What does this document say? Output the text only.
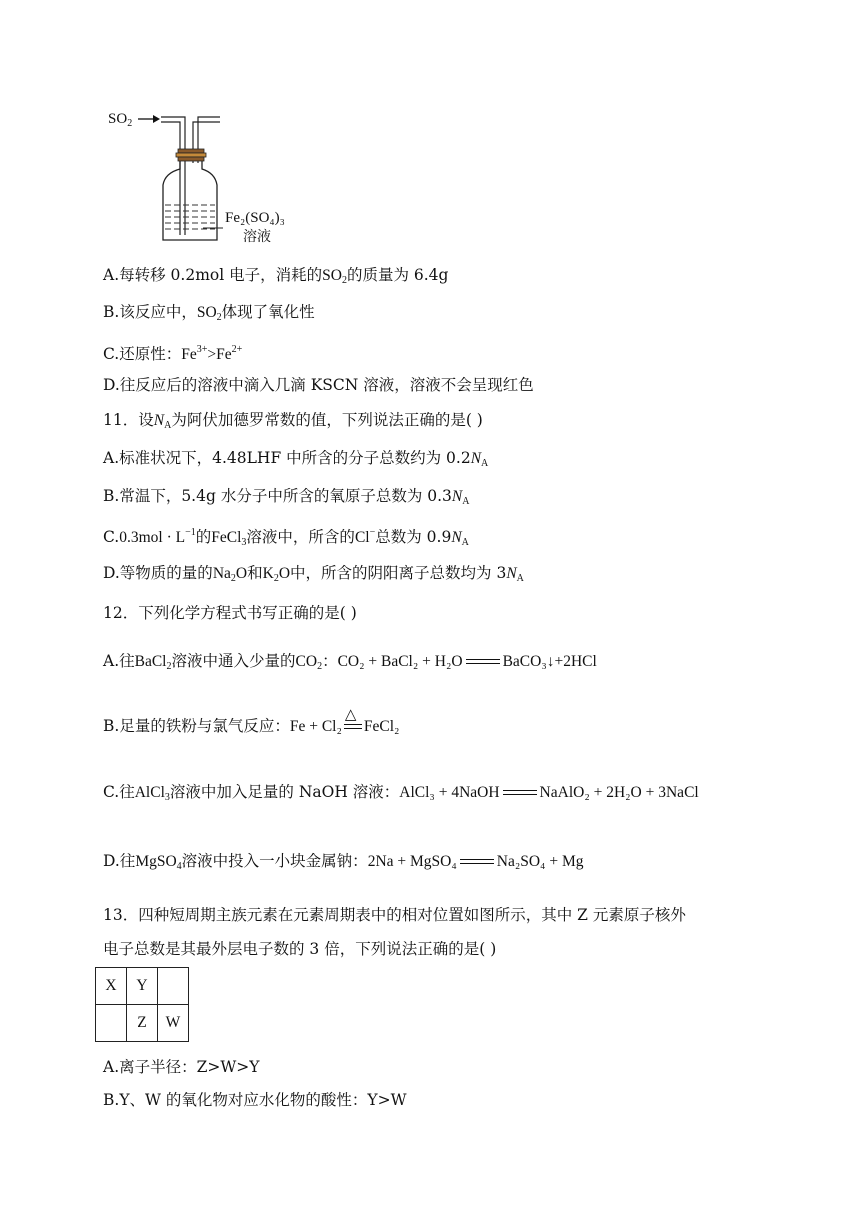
$SO_2$
Fe₂(SO₄)₃
溶液
A.每转移 0.2mol 电子，消耗的$SO_2$的质量为 6.4g
B.该反应中，$SO_2$体现了氧化性
C.还原性：$Fe^{3+}>Fe^{2+}$
D.往反应后的溶液中滴入几滴 KSCN 溶液，溶液不会呈现红色
11．设NA为阿伏加德罗常数的值，下列说法正确的是( )
A.标准状况下，4.48LHF 中所含的分子总数约为 0.2NA
B.常温下，5.4g 水分子中所含的氧原子总数为 0.3NA
$C.0.3mol \cdot L^{-1}$的FeCl$_3$溶液中，所含的Cl−总数为 0.9NA
D.等物质的量的$Na_2O$和$K_2O$中，所含的阴阳离子总数均为 3NA
12．下列化学方程式书写正确的是( )
A.往BaCl$_2$溶液中通入少量的$CO_2$：CO₂ + BaCl₂ + H₂O	BaCO₃↓+2HCl
B.足量的铁粉与氯气反应：Fe + Cl₂
△
FeCl₂
C.往AlCl$_3$溶液中加入足量的 NaOH 溶液：AlCl₃ + 4NaOH	NaAlO₂ + 2H₂O + 3NaCl
D.往MgSO$_4$溶液中投入一小块金属钠：2Na + MgSO₄	Na₂SO₄ + Mg
13．四种短周期主族元素在元素周期表中的相对位置如图所示，其中 Z 元素原子核外
电子总数是其最外层电子数的 3 倍，下列说法正确的是( )
X	Y	
	Z	W
A.离子半径：Z>W>Y
B.Y、W 的氧化物对应水化物的酸性：Y>W
